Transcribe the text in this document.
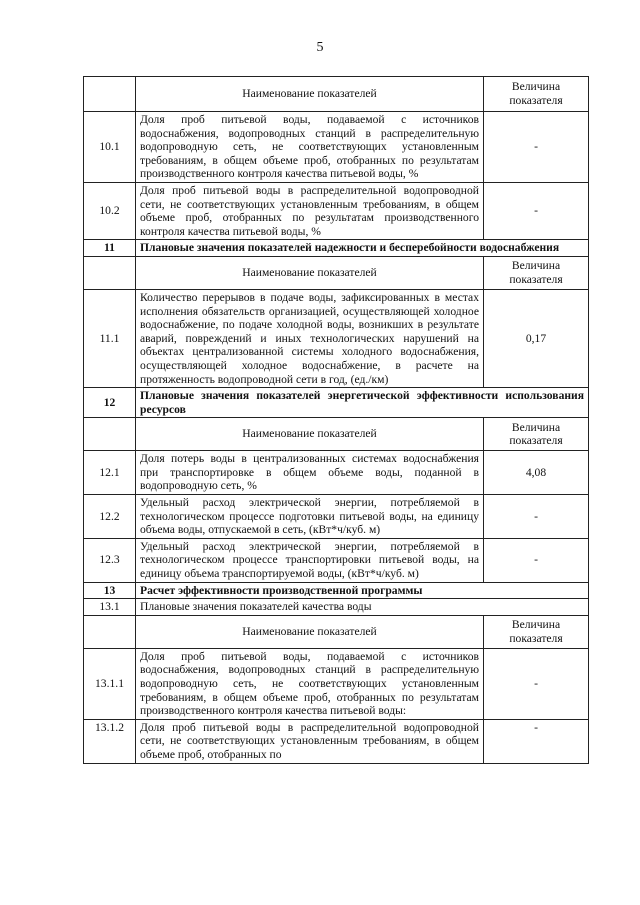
5
	Наименование показателей	Величина показателя
10.1	Доля проб питьевой воды, подаваемой с источников водоснабжения, водопроводных станций в распределительную водопроводную сеть, не соответствующих установленным требованиям, в общем объеме проб, отобранных по результатам производственного контроля качества питьевой воды, %	-
10.2	Доля проб питьевой воды в распределительной водопроводной сети, не соответствующих установленным требованиям, в общем объеме проб, отобранных по результатам производственного контроля качества питьевой воды, %	-
11	Плановые значения показателей надежности и бесперебойности водоснабжения	
	Наименование показателей	Величина показателя
11.1	Количество перерывов в подаче воды, зафиксированных в местах исполнения обязательств организацией, осуществляющей холодное водоснабжение, по подаче холодной воды, возникших в результате аварий, повреждений и иных технологических нарушений на объектах централизованной системы холодного водоснабжения, осуществляющей холодное водоснабжение, в расчете на протяженность водопроводной сети в год, (ед./км)	0,17
12	Плановые значения показателей энергетической эффективности использования ресурсов	
	Наименование показателей	Величина показателя
12.1	Доля потерь воды в централизованных системах водоснабжения при транспортировке в общем объеме воды, поданной в водопроводную сеть, %	4,08
12.2	Удельный расход электрической энергии, потребляемой в технологическом процессе подготовки питьевой воды, на единицу объема воды, отпускаемой в сеть, (кВт*ч/куб. м)	-
12.3	Удельный расход электрической энергии, потребляемой в технологическом процессе транспортировки питьевой воды, на единицу объема транспортируемой воды, (кВт*ч/куб. м)	-
13	Расчет эффективности производственной программы	
13.1	Плановые значения показателей качества воды	
	Наименование показателей	Величина показателя
13.1.1	Доля проб питьевой воды, подаваемой с источников водоснабжения, водопроводных станций в распределительную водопроводную сеть, не соответствующих установленным требованиям, в общем объеме проб, отобранных по результатам производственного контроля качества питьевой воды:	-
13.1.2	Доля проб питьевой воды в распределительной водопроводной сети, не соответствующих установленным требованиям, в общем объеме проб, отобранных по	-
